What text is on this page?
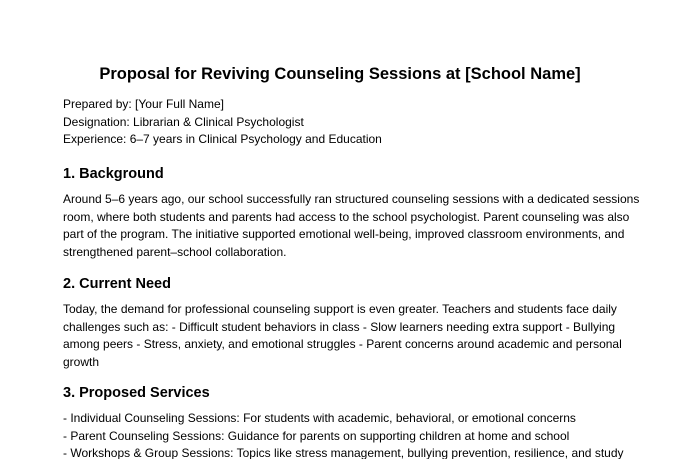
Proposal for Reviving Counseling Sessions at [School Name]
Prepared by: [Your Full Name]
Designation: Librarian & Clinical Psychologist
Experience: 6–7 years in Clinical Psychology and Education
1. Background
Around 5–6 years ago, our school successfully ran structured counseling sessions with a dedicated sessions
room, where both students and parents had access to the school psychologist. Parent counseling was also
part of the program. The initiative supported emotional well-being, improved classroom environments, and
strengthened parent–school collaboration.
2. Current Need
Today, the demand for professional counseling support is even greater. Teachers and students face daily
challenges such as: - Difficult student behaviors in class - Slow learners needing extra support - Bullying
among peers - Stress, anxiety, and emotional struggles - Parent concerns around academic and personal
growth
3. Proposed Services
- Individual Counseling Sessions: For students with academic, behavioral, or emotional concerns
- Parent Counseling Sessions: Guidance for parents on supporting children at home and school
- Workshops & Group Sessions: Topics like stress management, bullying prevention, resilience, and study
